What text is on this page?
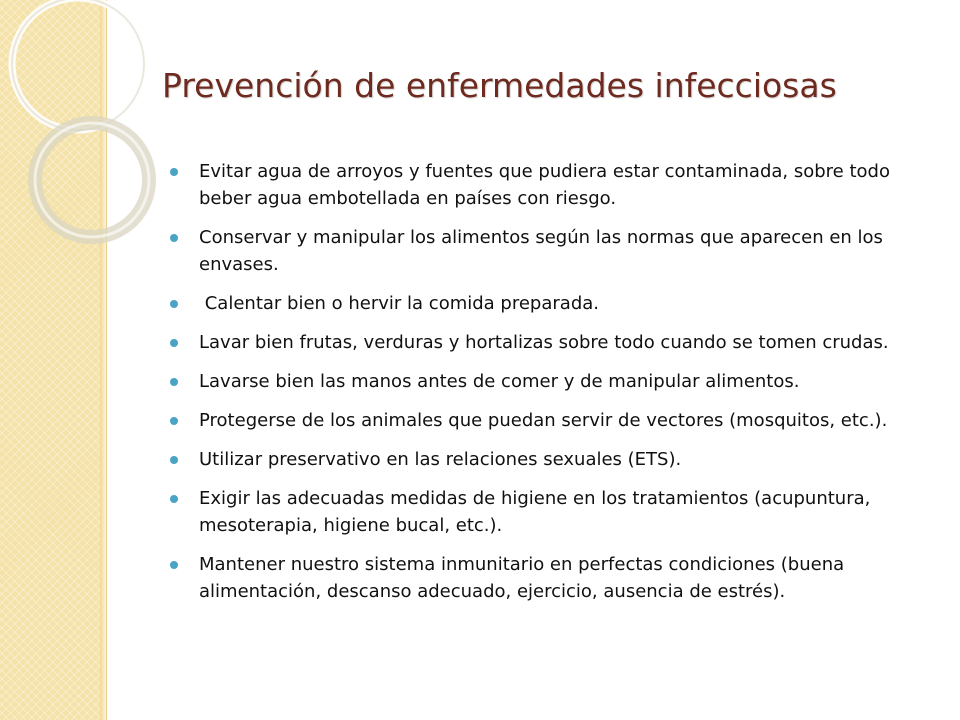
Prevención de enfermedades infecciosas
Evitar agua de arroyos y fuentes que pudiera estar contaminada, sobre todo beber agua embotellada en países con riesgo.
Conservar y manipular los alimentos según las normas que aparecen en los envases.
Calentar bien o hervir la comida preparada.
Lavar bien frutas, verduras y hortalizas sobre todo cuando se tomen crudas.
Lavarse bien las manos antes de comer y de manipular alimentos.
Protegerse de los animales que puedan servir de vectores (mosquitos, etc.).
Utilizar preservativo en las relaciones sexuales (ETS).
Exigir las adecuadas medidas de higiene en los tratamientos (acupuntura, mesoterapia, higiene bucal, etc.).
Mantener nuestro sistema inmunitario en perfectas condiciones (buena alimentación, descanso adecuado, ejercicio, ausencia de estrés).
